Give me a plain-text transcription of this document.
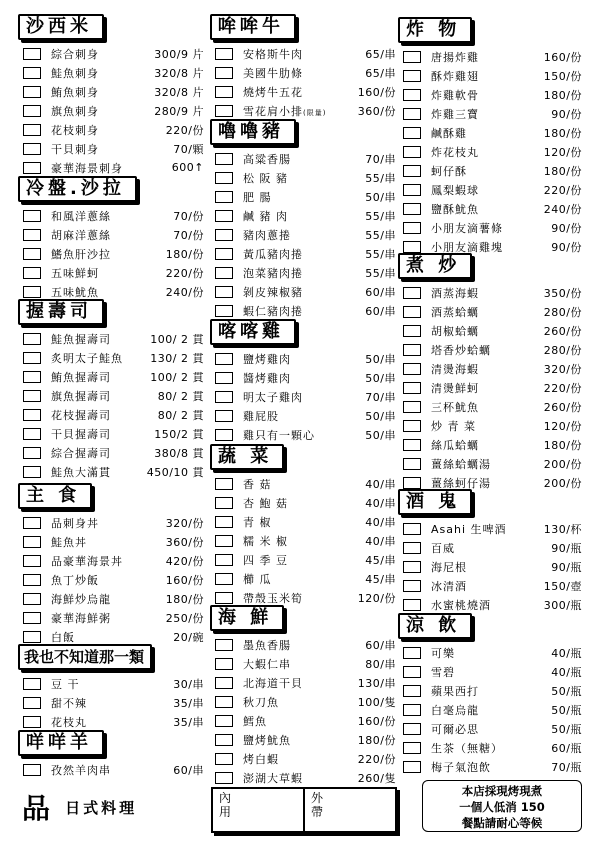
沙西米
綜合刺身	300/9 片
鮭魚刺身	320/8 片
鮪魚刺身	320/8 片
旗魚刺身	280/9 片
花枝刺身	220/份
干貝刺身	70/顆
豪華海景刺身	600↑
冷盤.沙拉
和風洋蔥絲	70/份
胡麻洋蔥絲	70/份
鰭魚肝沙拉	180/份
五味鮮蚵	220/份
五味魷魚	240/份
握壽司
鮭魚握壽司	100/ 2 貫
炙明太子鮭魚	130/ 2 貫
鮪魚握壽司	100/ 2 貫
旗魚握壽司	80/ 2 貫
花枝握壽司	80/ 2 貫
干貝握壽司	150/2 貫
綜合握壽司	380/8 貫
鮭魚大滿貫	450/10 貫
主 食
品刺身丼	320/份
鮭魚丼	360/份
品豪華海景丼	420/份
魚丁炒飯	160/份
海鮮炒烏龍	180/份
豪華海鮮粥	250/份
白飯	20/碗
我也不知道那一類
豆 干	30/串
甜不辣	35/串
花枝丸	35/串
咩咩羊
孜然羊肉串	60/串
哞哞牛
安格斯牛肉	65/串
美國牛肋條	65/串
燒烤牛五花	160/份
雪花肩小排(限量)	360/份
嚕嚕豬
高粱香腸	70/串
松 阪 豬	55/串
肥 腸	50/串
鹹 豬 肉	55/串
豬肉蔥捲	55/串
黃瓜豬肉捲	55/串
泡菜豬肉捲	55/串
剝皮辣椒豬	60/串
蝦仁豬肉捲	60/串
喀喀雞
鹽烤雞肉	50/串
醬烤雞肉	50/串
明太子雞肉	70/串
雞屁股	50/串
雞只有一顆心	50/串
蔬 菜
香 菇	40/串
杏 鮑 菇	40/串
青 椒	40/串
糯 米 椒	40/串
四 季 豆	45/串
櫛 瓜	45/串
帶殼玉米筍	120/份
海 鮮
墨魚香腸	60/串
大蝦仁串	80/串
北海道干貝	130/串
秋刀魚	100/隻
鱈魚	160/份
鹽烤魷魚	180/份
烤白蝦	220/份
澎湖大草蝦	260/隻
炸 物
唐揚炸雞	160/份
酥炸雞翅	150/份
炸雞軟骨	180/份
炸雞三寶	90/份
鹹酥雞	180/份
炸花枝丸	120/份
蚵仔酥	180/份
鳳梨蝦球	220/份
鹽酥魷魚	240/份
小朋友滴薯條	90/份
小朋友滴雞塊	90/份
煮 炒
酒蒸海蝦	350/份
酒蒸蛤蠣	280/份
胡椒蛤蠣	260/份
塔香炒蛤蠣	280/份
清燙海蝦	320/份
清燙鮮蚵	220/份
三杯魷魚	260/份
炒 青 菜	120/份
絲瓜蛤蠣	180/份
薑絲蛤蠣湯	200/份
薑絲蚵仔湯	200/份
酒 鬼
Asahi 生啤酒	130/杯
百威	90/瓶
海尼根	90/瓶
冰清酒	150/壺
水蜜桃燒酒	300/瓶
涼 飲
可樂	40/瓶
雪碧	40/瓶
蘋果西打	50/瓶
白毫烏龍	50/瓶
可爾必思	50/瓶
生茶（無糖）	60/瓶
梅子氣泡飲	70/瓶
品 日式料理
內用
外帶
本店採現烤現煮
一個人低消 150
餐點請耐心等候
